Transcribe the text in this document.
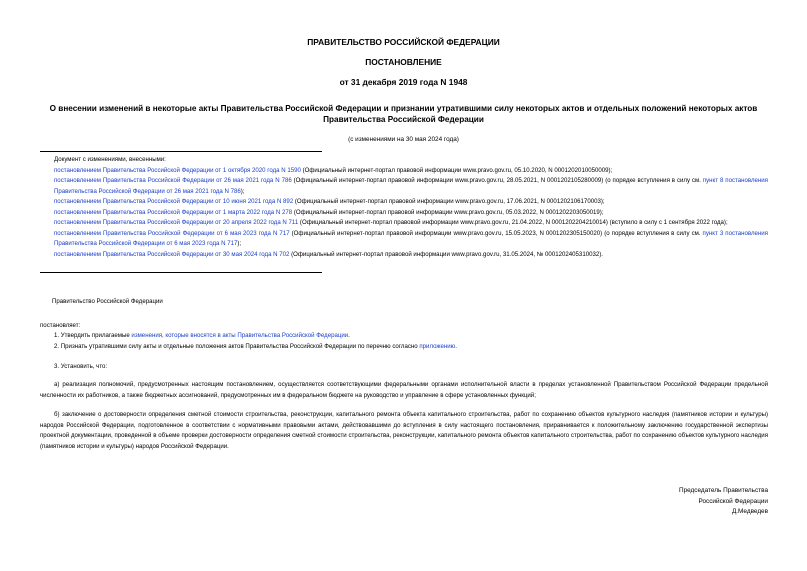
ПРАВИТЕЛЬСТВО РОССИЙСКОЙ ФЕДЕРАЦИИ
ПОСТАНОВЛЕНИЕ
от 31 декабря 2019 года N 1948
О внесении изменений в некоторые акты Правительства Российской Федерации и признании утратившими силу некоторых актов и отдельных положений некоторых актов Правительства Российской Федерации
(с изменениями на 30 мая 2024 года)
Документ с изменениями, внесенными:
постановлением Правительства Российской Федерации от 1 октября 2020 года N 1590 (Официальный интернет-портал правовой информации www.pravo.gov.ru, 05.10.2020, N 0001202010050009);
постановлением Правительства Российской Федерации от 26 мая 2021 года N 786 (Официальный интернет-портал правовой информации www.pravo.gov.ru, 28.05.2021, N 0001202105280009) (о порядке вступления в силу см. пункт 8 постановления Правительства Российской Федерации от 26 мая 2021 года N 786);
постановлением Правительства Российской Федерации от 10 июня 2021 года N 892 (Официальный интернет-портал правовой информации www.pravo.gov.ru, 17.06.2021, N 0001202106170003);
постановлением Правительства Российской Федерации от 1 марта 2022 года N 278 (Официальный интернет-портал правовой информации www.pravo.gov.ru, 05.03.2022, N 0001202203050019);
постановлением Правительства Российской Федерации от 20 апреля 2022 года N 711 (Официальный интернет-портал правовой информации www.pravo.gov.ru, 21.04.2022, N 0001202204210014) (вступило в силу с 1 сентября 2022 года);
постановлением Правительства Российской Федерации от 6 мая 2023 года N 717 (Официальный интернет-портал правовой информации www.pravo.gov.ru, 15.05.2023, N 0001202305150020) (о порядке вступления в силу см. пункт 3 постановления Правительства Российской Федерации от 6 мая 2023 года N 717);
постановлением Правительства Российской Федерации от 30 мая 2024 года N 702 (Официальный интернет-портал правовой информации www.pravo.gov.ru, 31.05.2024, № 0001202405310032).
Правительство Российской Федерации
постановляет:
1. Утвердить прилагаемые изменения, которые вносятся в акты Правительства Российской Федерации.
2. Признать утратившими силу акты и отдельные положения актов Правительства Российской Федерации по перечню согласно приложению.
3. Установить, что:
а) реализация полномочий, предусмотренных настоящим постановлением, осуществляется соответствующими федеральными органами исполнительной власти в пределах установленной Правительством Российской Федерации предельной численности их работников, а также бюджетных ассигнований, предусмотренных им в федеральном бюджете на руководство и управление в сфере установленных функций;
б) заключение о достоверности определения сметной стоимости строительства, реконструкции, капитального ремонта объекта капитального строительства, работ по сохранению объектов культурного наследия (памятников истории и культуры) народов Российской Федерации, подготовленное в соответствии с нормативными правовыми актами, действовавшими до вступления в силу настоящего постановления, приравнивается к положительному заключению государственной экспертизы проектной документации, проведенной в объеме проверки достоверности определения сметной стоимости строительства, реконструкции, капитального ремонта объектов капитального строительства, работ по сохранению объектов культурного наследия (памятников истории и культуры) народов Российской Федерации.
Председатель Правительства
Российской Федерации
Д.Медведев
